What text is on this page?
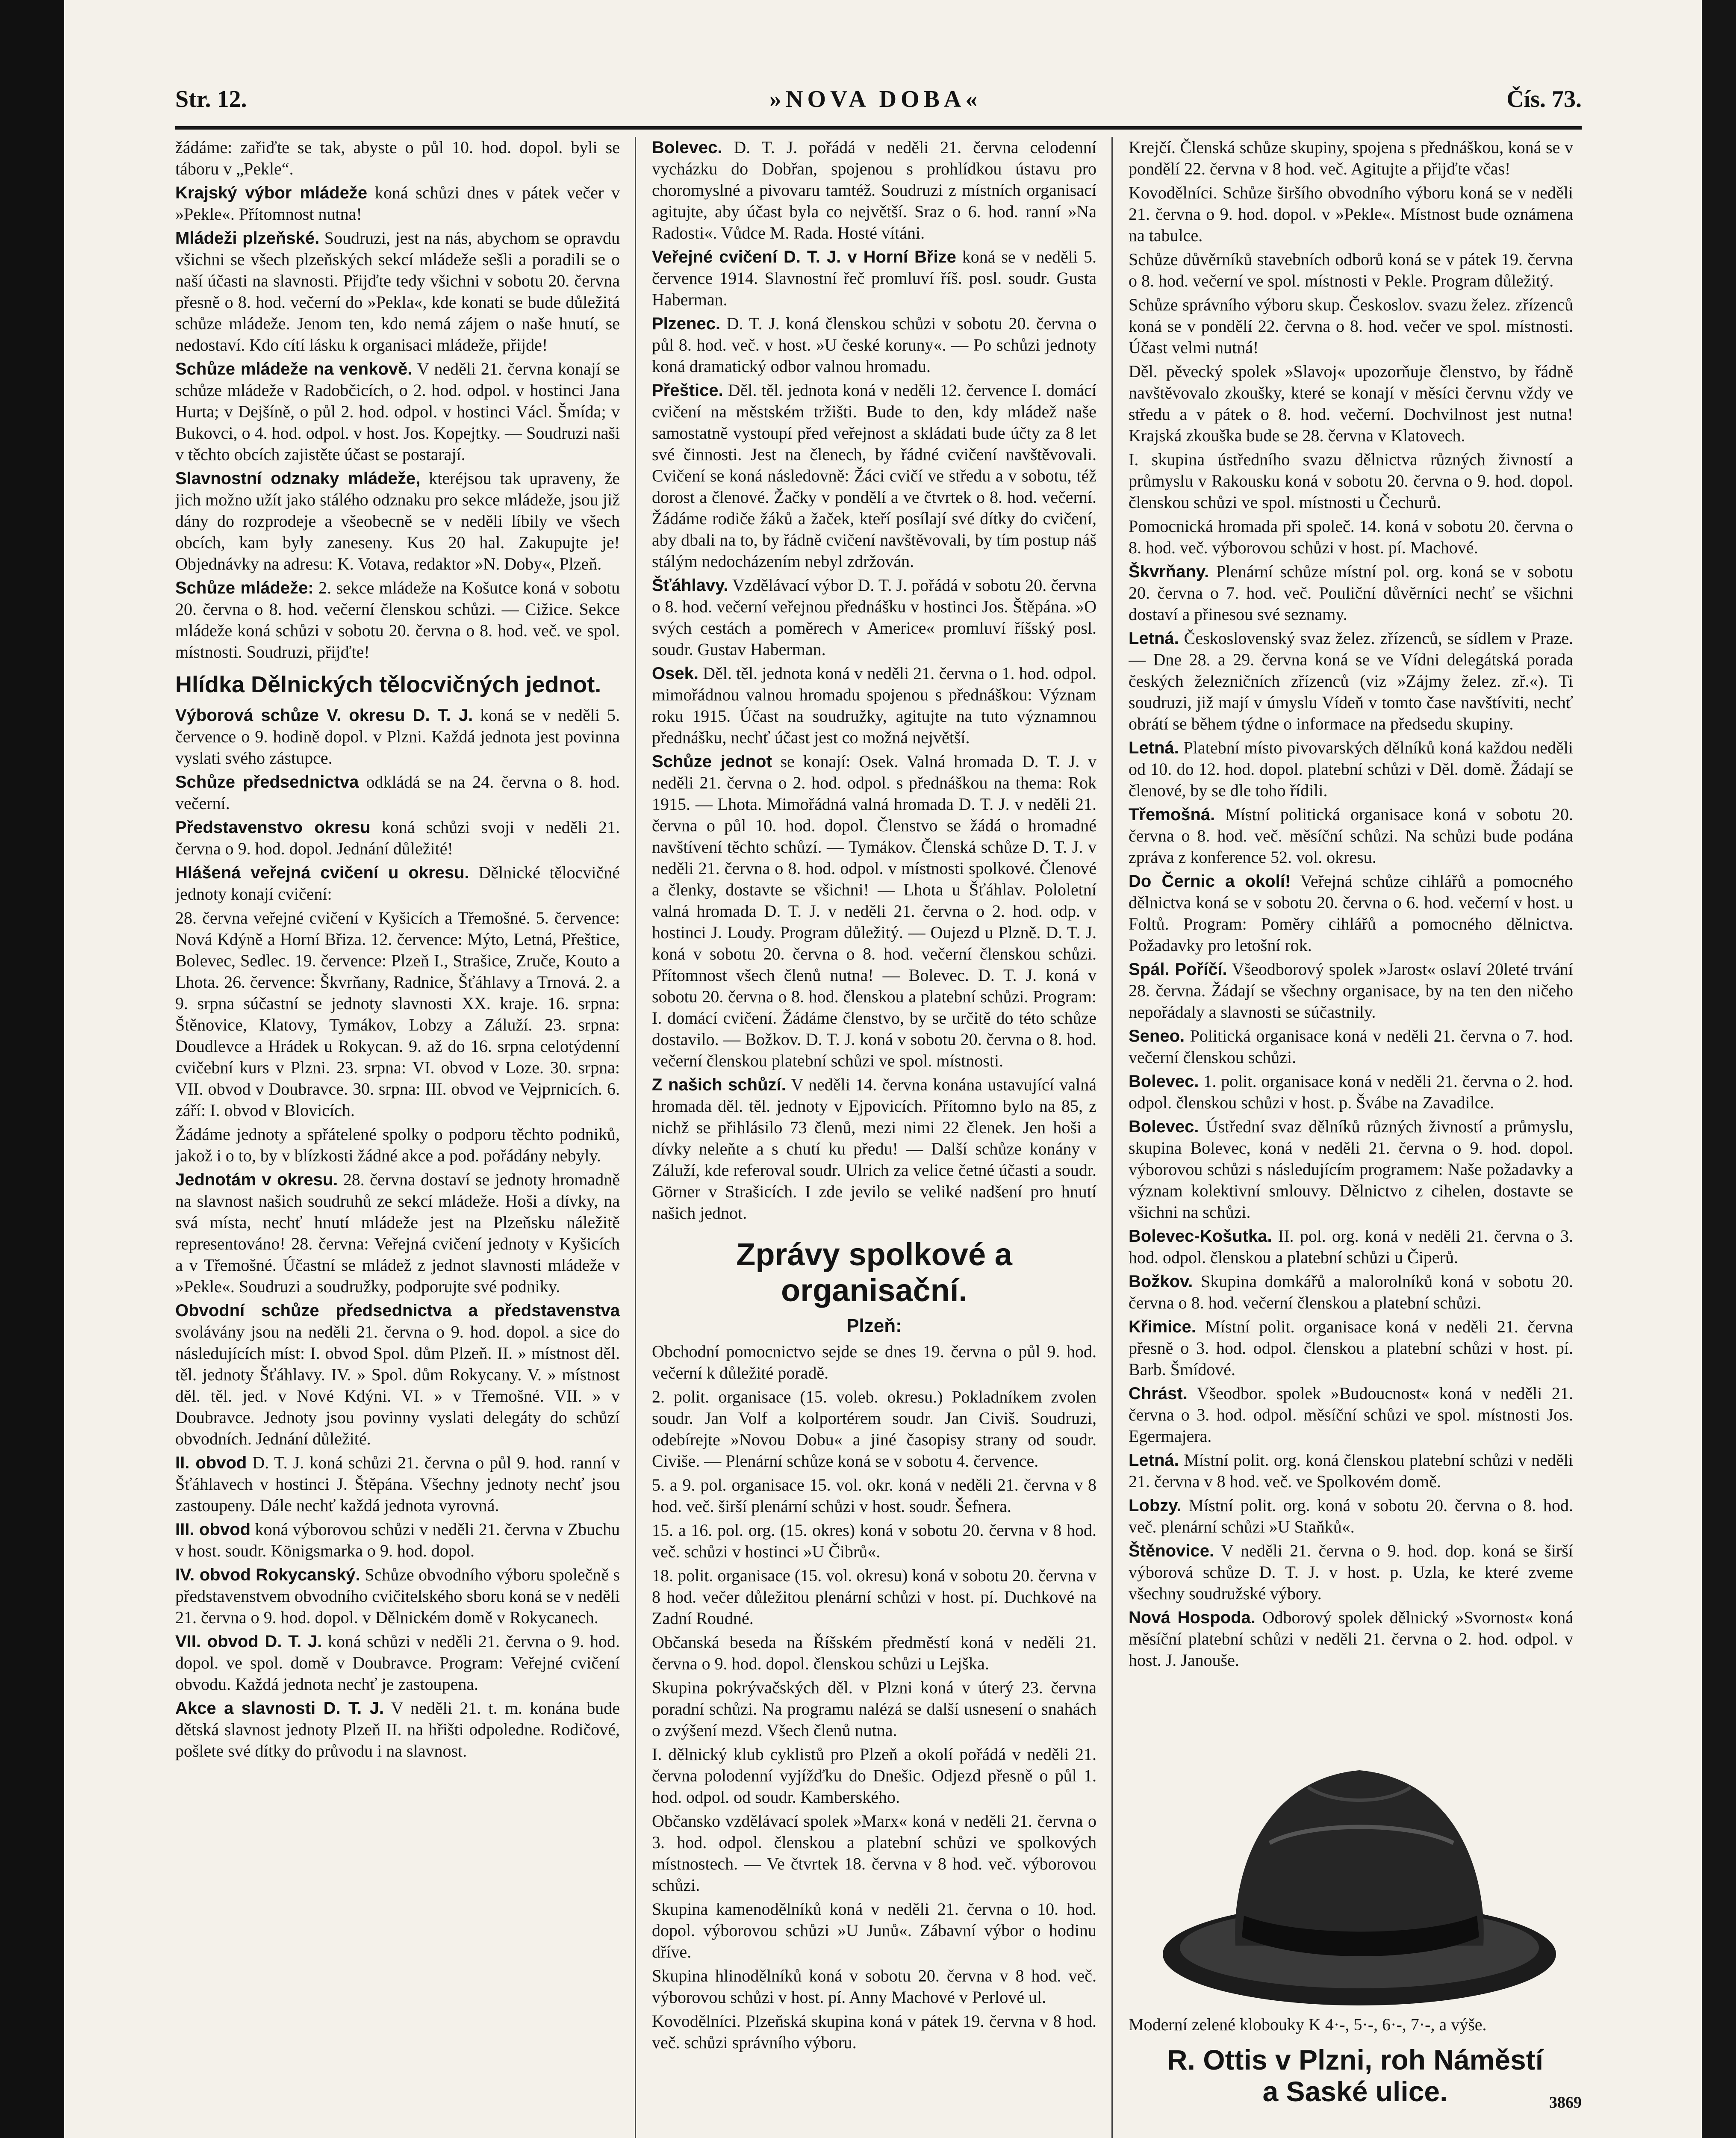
Str. 12.	»NOVA DOBA«	Čís. 73.

žádáme: zařiďte se tak, abyste o půl 10. hod. dopol. byli se táboru v „Pekle“.

Krajský výbor mládeže koná schůzi dnes v pátek večer v »Pekle«. Přítomnost nutna!

Mládeži plzeňské. Soudruzi, jest na nás, abychom se opravdu všichni se všech plzeňských sekcí mládeže sešli a poradili se o naší účasti na slavnosti. Přijďte tedy všichni v sobotu 20. června přesně o 8. hod. večerní do »Pekla«, kde konati se bude důležitá schůze mládeže. Jenom ten, kdo nemá zájem o naše hnutí, se nedostaví. Kdo cítí lásku k organisaci mládeže, přijde!

Schůze mládeže na venkově. V neděli 21. června konají se schůze mládeže v Radobčicích, o 2. hod. odpol. v hostinci Jana Hurta; v Dejšíně, o půl 2. hod. odpol. v hostinci Václ. Šmída; v Bukovci, o 4. hod. odpol. v host. Jos. Kopejtky. — Soudruzi naši v těchto obcích zajistěte účast se postarají.

Slavnostní odznaky mládeže, kteréjsou tak upraveny, že jich možno užít jako stálého odznaku pro sekce mládeže, jsou již dány do rozprodeje a všeobecně se v neděli líbily ve všech obcích, kam byly zaneseny. Kus 20 hal. Zakupujte je! Objednávky na adresu: K. Votava, redaktor »N. Doby«, Plzeň.

Schůze mládeže: 2. sekce mládeže na Košutce koná v sobotu 20. června o 8. hod. večerní členskou schůzi. — Cižice. Sekce mládeže koná schůzi v sobotu 20. června o 8. hod. več. ve spol. místnosti. Soudruzi, přijďte!

Hlídka Dělnických tělocvičných jednot.

Výborová schůze V. okresu D. T. J. koná se v neděli 5. července o 9. hodině dopol. v Plzni. Každá jednota jest povinna vyslati svého zástupce.

Schůze předsednictva odkládá se na 24. června o 8. hod. večerní.

Představenstvo okresu koná schůzi svoji v neděli 21. června o 9. hod. dopol. Jednání důležité!

Hlášená veřejná cvičení u okresu. Dělnické tělocvičné jednoty konají cvičení:

28. června veřejné cvičení v Kyšicích a Třemošné. 5. července: Nová Kdýně a Horní Břiza. 12. července: Mýto, Letná, Přeštice, Bolevec, Sedlec. 19. července: Plzeň I., Strašice, Zruče, Kouto a Lhota. 26. července: Škvrňany, Radnice, Šťáhlavy a Trnová. 2. a 9. srpna súčastní se jednoty slavnosti XX. kraje. 16. srpna: Štěnovice, Klatovy, Tymákov, Lobzy a Záluží. 23. srpna: Doudlevce a Hrádek u Rokycan. 9. až do 16. srpna celotýdenní cvičební kurs v Plzni. 23. srpna: VI. obvod v Loze. 30. srpna: VII. obvod v Doubravce. 30. srpna: III. obvod ve Vejprnicích. 6. září: I. obvod v Blovicích.

Žádáme jednoty a spřátelené spolky o podporu těchto podniků, jakož i o to, by v blízkosti žádné akce a pod. pořádány nebyly.

Jednotám v okresu. 28. června dostaví se jednoty hromadně na slavnost našich soudruhů ze sekcí mládeže. Hoši a dívky, na svá místa, nechť hnutí mládeže jest na Plzeňsku náležitě representováno! 28. června: Veřejná cvičení jednoty v Kyšicích a v Třemošné. Účastní se mládež z jednot slavnosti mládeže v »Pekle«. Soudruzi a soudružky, podporujte své podniky.

Obvodní schůze předsednictva a představenstva svolávány jsou na neděli 21. června o 9. hod. dopol. a sice do následujících míst: I. obvod Spol. dům Plzeň. II. » místnost děl. těl. jednoty Šťáhlavy. IV. » Spol. dům Rokycany. V. » místnost děl. těl. jed. v Nové Kdýni. VI. » v Třemošné. VII. » v Doubravce. Jednoty jsou povinny vyslati delegáty do schůzí obvodních. Jednání důležité.

II. obvod D. T. J. koná schůzi 21. června o půl 9. hod. ranní v Šťáhlavech v hostinci J. Štěpána. Všechny jednoty nechť jsou zastoupeny. Dále nechť každá jednota vyrovná.

III. obvod koná výborovou schůzi v neděli 21. června v Zbuchu v host. soudr. Königsmarka o 9. hod. dopol.

IV. obvod Rokycanský. Schůze obvodního výboru společně s představenstvem obvodního cvičitelského sboru koná se v neděli 21. června o 9. hod. dopol. v Dělnickém domě v Rokycanech.

VII. obvod D. T. J. koná schůzi v neděli 21. června o 9. hod. dopol. ve spol. domě v Doubravce. Program: Veřejné cvičení obvodu. Každá jednota nechť je zastoupena.

Akce a slavnosti D. T. J. V neděli 21. t. m. konána bude dětská slavnost jednoty Plzeň II. na hřišti odpoledne. Rodičové, pošlete své dítky do průvodu i na slavnost.

Bolevec. D. T. J. pořádá v neděli 21. června celodenní vycházku do Dobřan, spojenou s prohlídkou ústavu pro choromyslné a pivovaru tamtéž. Soudruzi z místních organisací agitujte, aby účast byla co největší. Sraz o 6. hod. ranní »Na Radosti«. Vůdce M. Rada. Hosté vítáni.

Veřejné cvičení D. T. J. v Horní Břize koná se v neděli 5. července 1914. Slavnostní řeč promluví říš. posl. soudr. Gusta Haberman.

Plzenec. D. T. J. koná členskou schůzi v sobotu 20. června o půl 8. hod. več. v host. »U české koruny«. — Po schůzi jednoty koná dramatický odbor valnou hromadu.

Přeštice. Děl. těl. jednota koná v neděli 12. července I. domácí cvičení na městském tržišti. Bude to den, kdy mládež naše samostatně vystoupí před veřejnost a skládati bude účty za 8 let své činnosti. Jest na členech, by řádné cvičení navštěvovali. Cvičení se koná následovně: Žáci cvičí ve středu a v sobotu, též dorost a členové. Žačky v pondělí a ve čtvrtek o 8. hod. večerní. Žádáme rodiče žáků a žaček, kteří posílají své dítky do cvičení, aby dbali na to, by řádně cvičení navštěvovali, by tím postup náš stálým nedocházením nebyl zdržován.

Šťáhlavy. Vzdělávací výbor D. T. J. pořádá v sobotu 20. června o 8. hod. večerní veřejnou přednášku v hostinci Jos. Štěpána. »O svých cestách a poměrech v Americe« promluví říšský posl. soudr. Gustav Haberman.

Osek. Děl. těl. jednota koná v neděli 21. června o 1. hod. odpol. mimořádnou valnou hromadu spojenou s přednáškou: Význam roku 1915. Účast na soudružky, agitujte na tuto významnou přednášku, nechť účast jest co možná největší.

Schůze jednot se konají: Osek. Valná hromada D. T. J. v neděli 21. června o 2. hod. odpol. s přednáškou na thema: Rok 1915. — Lhota. Mimořádná valná hromada D. T. J. v neděli 21. června o půl 10. hod. dopol. Členstvo se žádá o hromadné navštívení těchto schůzí. — Tymákov. Členská schůze D. T. J. v neděli 21. června o 8. hod. odpol. v místnosti spolkové. Členové a členky, dostavte se všichni! — Lhota u Šťáhlav. Pololetní valná hromada D. T. J. v neděli 21. června o 2. hod. odp. v hostinci J. Loudy. Program důležitý. — Oujezd u Plzně. D. T. J. koná v sobotu 20. června o 8. hod. večerní členskou schůzi. Přítomnost všech členů nutna! — Bolevec. D. T. J. koná v sobotu 20. června o 8. hod. členskou a platební schůzi. Program: I. domácí cvičení. Žádáme členstvo, by se určitě do této schůze dostavilo. — Božkov. D. T. J. koná v sobotu 20. června o 8. hod. večerní členskou platební schůzi ve spol. místnosti.

Z našich schůzí. V neděli 14. června konána ustavující valná hromada děl. těl. jednoty v Ejpovicích. Přítomno bylo na 85, z nichž se přihlásilo 73 členů, mezi nimi 22 členek. Jen hoši a dívky neleňte a s chutí ku předu! — Další schůze konány v Záluží, kde referoval soudr. Ulrich za velice četné účasti a soudr. Görner v Strašicích. I zde jevilo se veliké nadšení pro hnutí našich jednot.

Zprávy spolkové a organisační.
Plzeň:

Obchodní pomocnictvo sejde se dnes 19. června o půl 9. hod. večerní k důležité poradě.

2. polit. organisace (15. voleb. okresu.) Pokladníkem zvolen soudr. Jan Volf a kolportérem soudr. Jan Civiš. Soudruzi, odebírejte »Novou Dobu« a jiné časopisy strany od soudr. Civiše. — Plenární schůze koná se v sobotu 4. července.

5. a 9. pol. organisace 15. vol. okr. koná v neděli 21. června v 8 hod. več. širší plenární schůzi v host. soudr. Šefnera.

15. a 16. pol. org. (15. okres) koná v sobotu 20. června v 8 hod. več. schůzi v hostinci »U Čibrů«.

18. polit. organisace (15. vol. okresu) koná v sobotu 20. června v 8 hod. večer důležitou plenární schůzi v host. pí. Duchkové na Zadní Roudné.

Občanská beseda na Říšském předměstí koná v neděli 21. června o 9. hod. dopol. členskou schůzi u Lejška.

Skupina pokrývačských děl. v Plzni koná v úterý 23. června poradní schůzi. Na programu nalézá se další usnesení o snahách o zvýšení mezd. Všech členů nutna.

I. dělnický klub cyklistů pro Plzeň a okolí pořádá v neděli 21. června polodenní vyjížďku do Dnešic. Odjezd přesně o půl 1. hod. odpol. od soudr. Kamberského.

Občansko vzdělávací spolek »Marx« koná v neděli 21. června o 3. hod. odpol. členskou a platební schůzi ve spolkových místnostech. — Ve čtvrtek 18. června v 8 hod. več. výborovou schůzi.

Skupina kamenodělníků koná v neděli 21. června o 10. hod. dopol. výborovou schůzi »U Junů«. Zábavní výbor o hodinu dříve.

Skupina hlinodělníků koná v sobotu 20. června v 8 hod. več. výborovou schůzi v host. pí. Anny Machové v Perlové ul.

Kovodělníci. Plzeňská skupina koná v pátek 19. června v 8 hod. več. schůzi správního výboru.

Krejčí. Členská schůze skupiny, spojena s přednáškou, koná se v pondělí 22. června v 8 hod. več. Agitujte a přijďte včas!

Kovodělníci. Schůze širšího obvodního výboru koná se v neděli 21. června o 9. hod. dopol. v »Pekle«. Místnost bude oznámena na tabulce.

Schůze důvěrníků stavebních odborů koná se v pátek 19. června o 8. hod. večerní ve spol. místnosti v Pekle. Program důležitý.

Schůze správního výboru skup. Českoslov. svazu želez. zřízenců koná se v pondělí 22. června o 8. hod. večer ve spol. místnosti. Účast velmi nutná!

Děl. pěvecký spolek »Slavoj« upozorňuje členstvo, by řádně navštěvovalo zkoušky, které se konají v měsíci červnu vždy ve středu a v pátek o 8. hod. večerní. Dochvilnost jest nutna! Krajská zkouška bude se 28. června v Klatovech.

I. skupina ústředního svazu dělnictva různých živností a průmyslu v Rakousku koná v sobotu 20. června o 9. hod. dopol. členskou schůzi ve spol. místnosti u Čechurů.

Pomocnická hromada při společ. 14. koná v sobotu 20. června o 8. hod. več. výborovou schůzi v host. pí. Machové.

Škvrňany. Plenární schůze místní pol. org. koná se v sobotu 20. června o 7. hod. več. Pouliční důvěrníci nechť se všichni dostaví a přinesou své seznamy.

Letná. Československý svaz želez. zřízenců, se sídlem v Praze. — Dne 28. a 29. června koná se ve Vídni delegátská porada českých železničních zřízenců (viz »Zájmy želez. zř.«). Ti soudruzi, již mají v úmyslu Vídeň v tomto čase navštíviti, nechť obrátí se během týdne o informace na předsedu skupiny.

Letná. Platební místo pivovarských dělníků koná každou neděli od 10. do 12. hod. dopol. platební schůzi v Děl. domě. Žádají se členové, by se dle toho řídili.

Třemošná. Místní politická organisace koná v sobotu 20. června o 8. hod. več. měsíční schůzi. Na schůzi bude podána zpráva z konference 52. vol. okresu.

Do Černic a okolí! Veřejná schůze cihlářů a pomocného dělnictva koná se v sobotu 20. června o 6. hod. večerní v host. u Foltů. Program: Poměry cihlářů a pomocného dělnictva. Požadavky pro letošní rok.

Spál. Poříčí. Všeodborový spolek »Jarost« oslaví 20leté trvání 28. června. Žádají se všechny organisace, by na ten den ničeho nepořádaly a slavnosti se súčastnily.

Seneo. Politická organisace koná v neděli 21. června o 7. hod. večerní členskou schůzi.

Bolevec. 1. polit. organisace koná v neděli 21. června o 2. hod. odpol. členskou schůzi v host. p. Švábe na Zavadilce.

Bolevec. Ústřední svaz dělníků různých živností a průmyslu, skupina Bolevec, koná v neděli 21. června o 9. hod. dopol. výborovou schůzi s následujícím programem: Naše požadavky a význam kolektivní smlouvy. Dělnictvo z cihelen, dostavte se všichni na schůzi.

Bolevec-Košutka. II. pol. org. koná v neděli 21. června o 3. hod. odpol. členskou a platební schůzi u Čiperů.

Božkov. Skupina domkářů a malorolníků koná v sobotu 20. června o 8. hod. večerní členskou a platební schůzi.

Křimice. Místní polit. organisace koná v neděli 21. června přesně o 3. hod. odpol. členskou a platební schůzi v host. pí. Barb. Šmídové.

Chrást. Všeodbor. spolek »Budoucnost« koná v neděli 21. června o 3. hod. odpol. měsíční schůzi ve spol. místnosti Jos. Egermajera.

Letná. Místní polit. org. koná členskou platební schůzi v neděli 21. června v 8 hod. več. ve Spolkovém domě.

Lobzy. Místní polit. org. koná v sobotu 20. června o 8. hod. več. plenární schůzi »U Staňků«.

Štěnovice. V neděli 21. června o 9. hod. dop. koná se širší výborová schůze D. T. J. v host. p. Uzla, ke které zveme všechny soudružské výbory.

Nová Hospoda. Odborový spolek dělnický »Svornost« koná měsíční platební schůzi v neděli 21. června o 2. hod. odpol. v host. J. Janouše.

Moderní zelené klobouky K 4·-, 5·-, 6·-, 7·-, a výše.
R. Ottis v Plzni, roh Náměstí
a Saské ulice.	3869
